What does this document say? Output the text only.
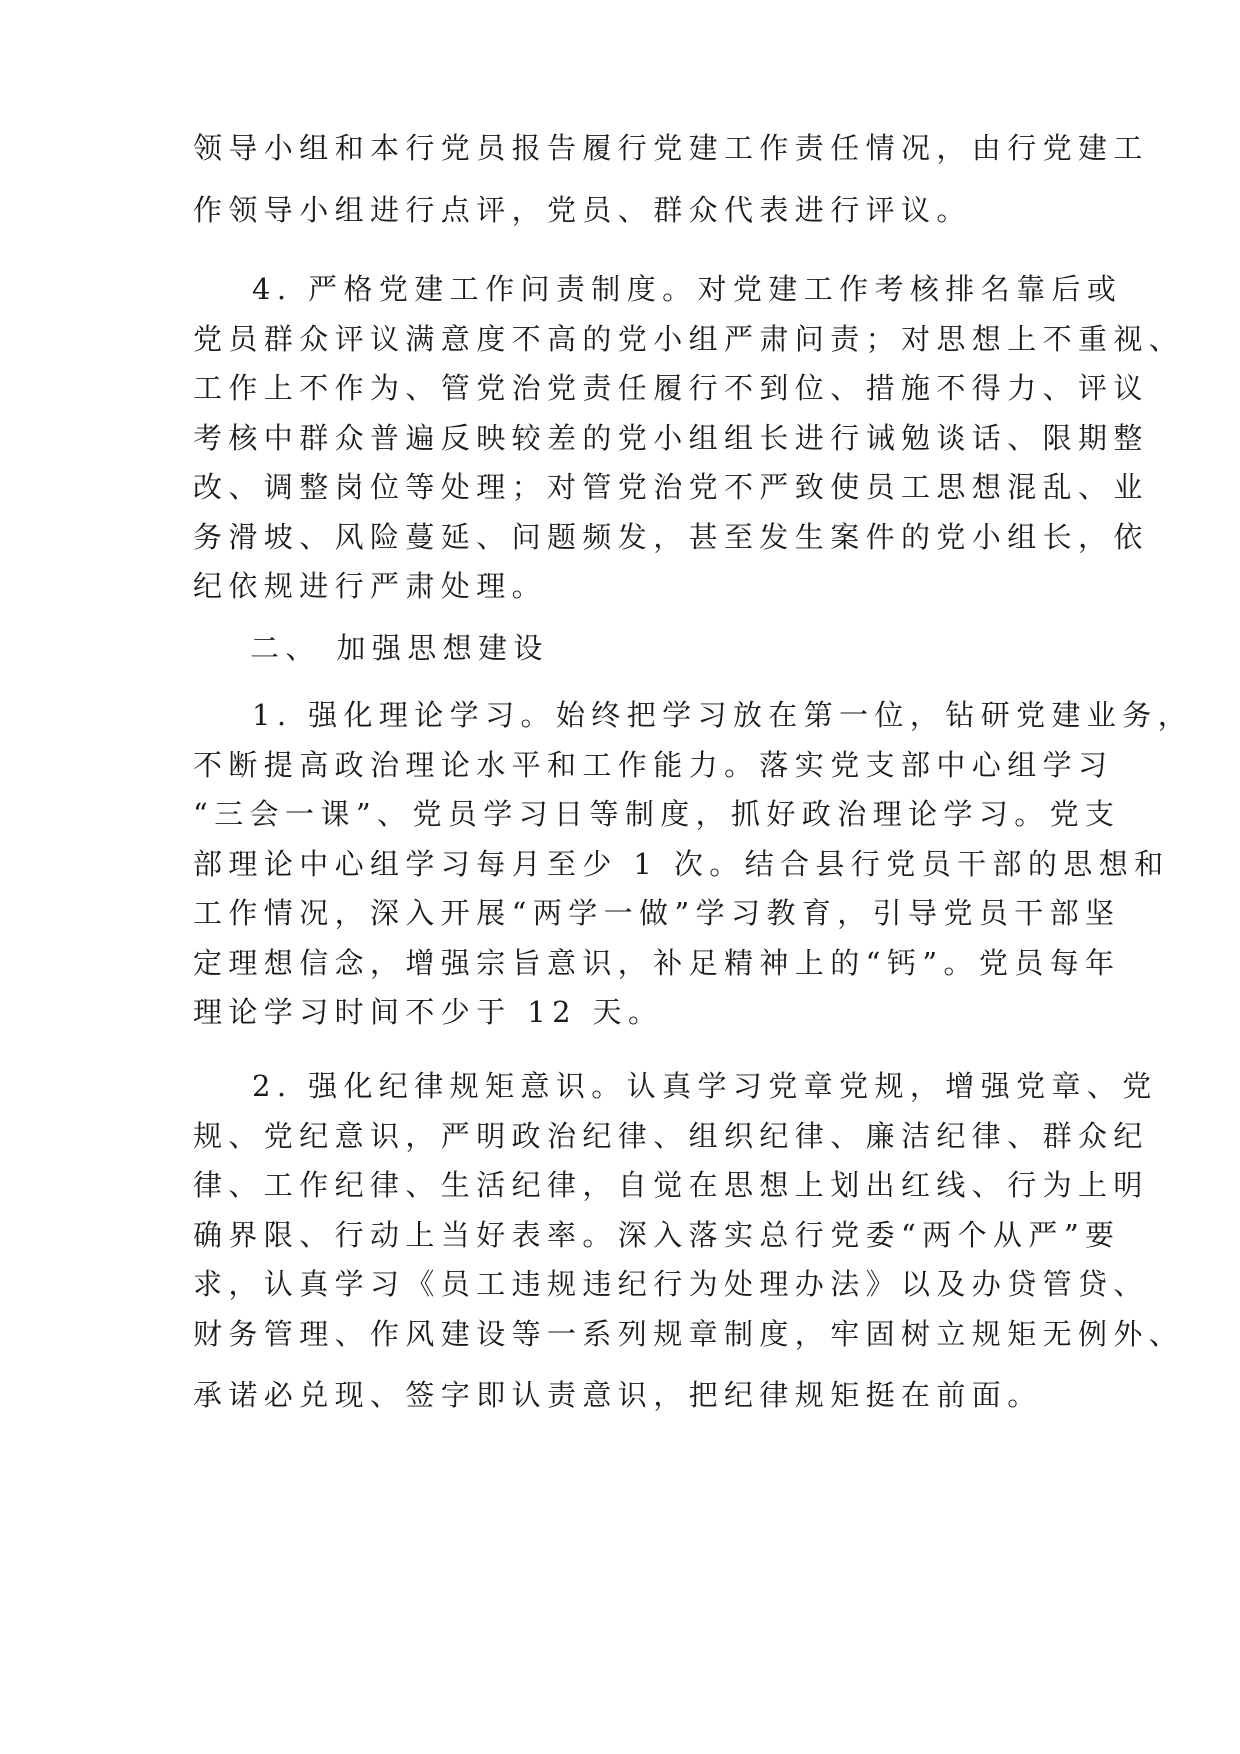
领导小组和本行党员报告履行党建工作责任情况，由行党建工
作领导小组进行点评，党员、群众代表进行评议。
4. 严格党建工作问责制度。对党建工作考核排名靠后或
党员群众评议满意度不高的党小组严肃问责；对思想上不重视、
工作上不作为、管党治党责任履行不到位、措施不得力、评议
考核中群众普遍反映较差的党小组组长进行诫勉谈话、限期整
改、调整岗位等处理；对管党治党不严致使员工思想混乱、业
务滑坡、风险蔓延、问题频发，甚至发生案件的党小组长，依
纪依规进行严肃处理。
二、 加强思想建设
1. 强化理论学习。始终把学习放在第一位，钻研党建业务，
不断提高政治理论水平和工作能力。落实党支部中心组学习
“三会一课”、党员学习日等制度，抓好政治理论学习。党支
部理论中心组学习每月至少 1 次。结合县行党员干部的思想和
工作情况，深入开展“两学一做”学习教育，引导党员干部坚
定理想信念，增强宗旨意识，补足精神上的“钙”。党员每年
理论学习时间不少于 12 天。
2. 强化纪律规矩意识。认真学习党章党规，增强党章、党
规、党纪意识，严明政治纪律、组织纪律、廉洁纪律、群众纪
律、工作纪律、生活纪律，自觉在思想上划出红线、行为上明
确界限、行动上当好表率。深入落实总行党委“两个从严”要
求，认真学习《员工违规违纪行为处理办法》以及办贷管贷、
财务管理、作风建设等一系列规章制度，牢固树立规矩无例外、
承诺必兑现、签字即认责意识，把纪律规矩挺在前面。
